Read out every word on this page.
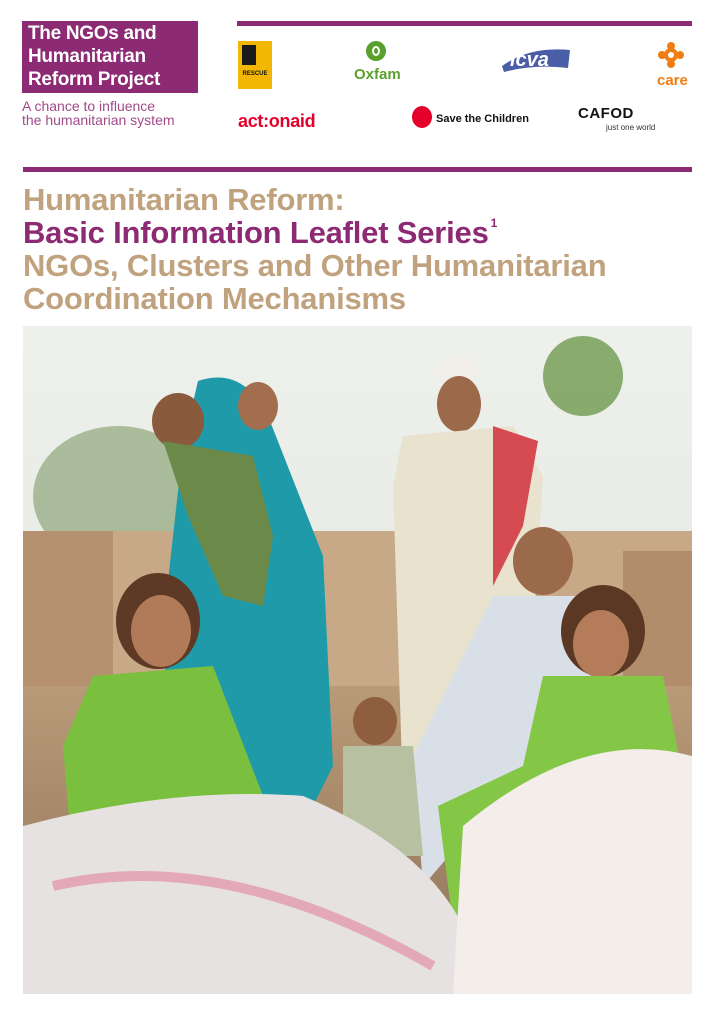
The NGOs and
Humanitarian
Reform Project
A chance to influence
the humanitarian system
RESCUE	Oxfam
icva
care
act:onaid	Save the Children	CAFOD
just one world
Humanitarian Reform:
Basic Information Leaflet Series $^1$
NGOs, Clusters and Other Humanitarian
Coordination Mechanisms
